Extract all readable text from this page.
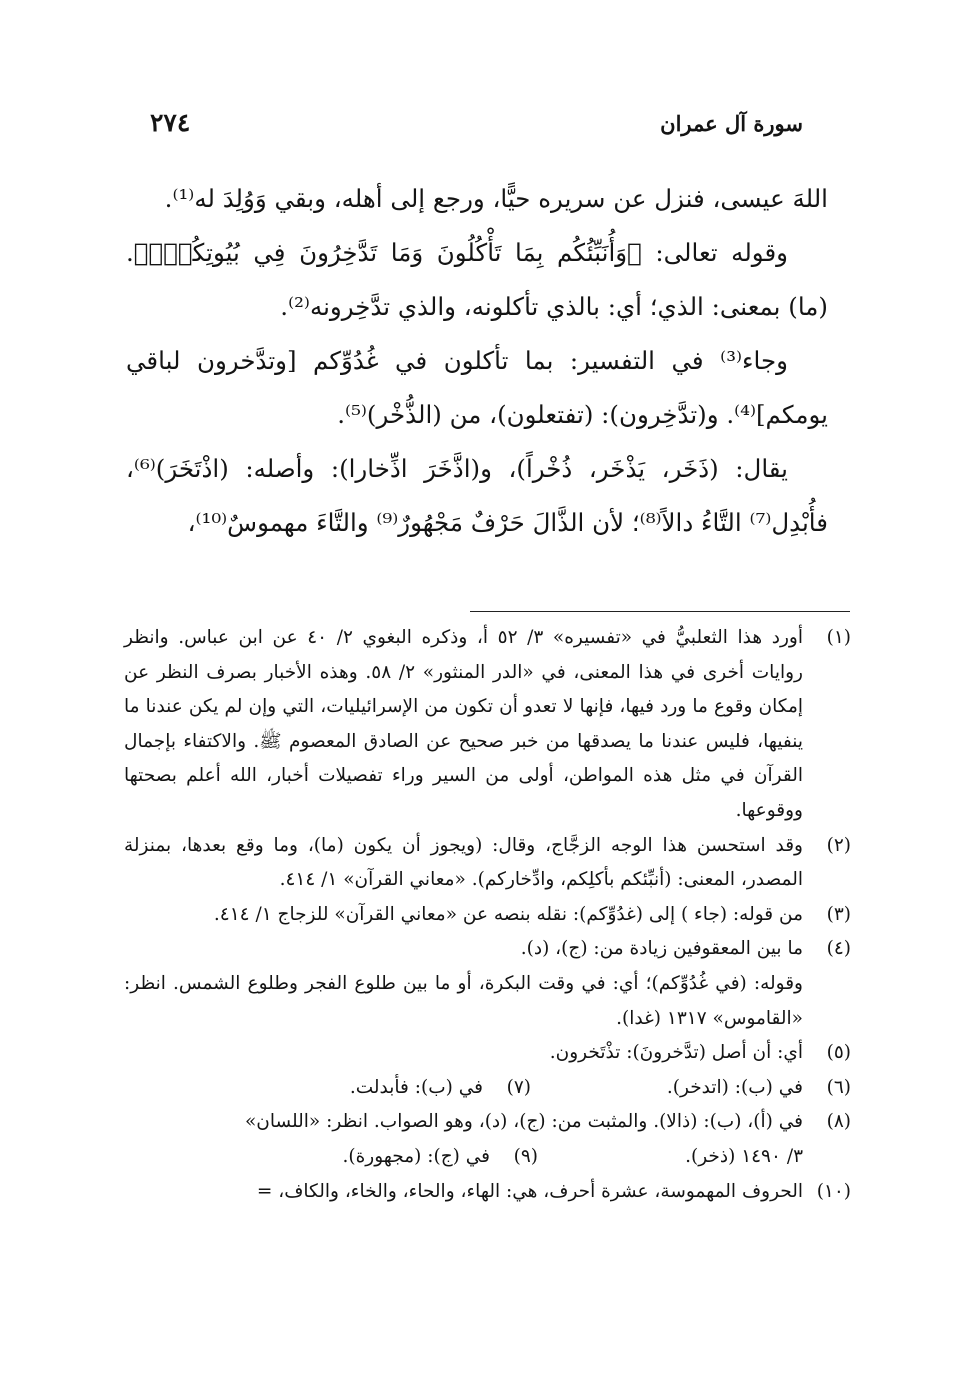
سورة آل عمران
٢٧٤

اللهَ عيسى، فنزل عن سريره حيًّا، ورجع إلى أهله، وبقي وَوُلِدَ له⁽¹⁾.

وقوله تعالى: ﴿وَأُنَبِّئُكُم بِمَا تَأْكُلُونَ وَمَا تَدَّخِرُونَ فِي بُيُوتِكُمْۚ﴾. (ما) بمعنى: الذي؛ أي: بالذي تأكلونه، والذي تدَّخِرونه⁽²⁾.

وجاء⁽³⁾ في التفسير: بما تأكلون في غُدُوِّكم [وتدَّخرون لباقي يومكم]⁽⁴⁾. و(تدَّخِرون): (تفتعلون)، من (الذُّخْر)⁽⁵⁾.

يقال: (ذَخَر، يَذْخَر، ذُخْراً)، و(اذَّخَرَ اذِّخارا): وأصله: (اذْتَخَرَ)⁽⁶⁾، فأُبْدِل⁽⁷⁾ التَّاءُ دالاً⁽⁸⁾؛ لأن الذَّالَ حَرْفٌ مَجْهُورٌ⁽⁹⁾ والتَّاءَ مهموسٌ⁽¹⁰⁾،

(١)
أورد هذا الثعلبيُّ في «تفسيره» ٣/ ٥٢ أ، وذكره البغوي ٢/ ٤٠ عن ابن عباس. وانظر روايات أخرى في هذا المعنى، في «الدر المنثور» ٢/ ٥٨. وهذه الأخبار بصرف النظر عن إمكان وقوع ما ورد فيها، فإنها لا تعدو أن تكون من الإسرائيليات، التي وإن لم يكن عندنا ما ينفيها، فليس عندنا ما يصدقها من خبر صحيح عن الصادق المعصوم ﷺ. والاكتفاء بإجمال القرآن في مثل هذه المواطن، أولى من السير وراء تفصيلات أخبار، الله أعلم بصحتها ووقوعها.
(٢)
وقد استحسن هذا الوجه الزجَّاج، وقال: (ويجوز أن يكون (ما)، وما وقع بعدها، بمنزلة المصدر، المعنى: (أنبِّئكم بأكلِكم، وادِّخاركم). «معاني القرآن» ١/ ٤١٤.
(٣)
من قوله: (جاء ) إلى (غدُوِّكم): نقله بنصه عن «معاني القرآن» للزجاج ١/ ٤١٤.
(٤)
ما بين المعقوفين زيادة من: (ج)، (د).
وقوله: (في غُدُوِّكم)؛ أي: في وقت البكرة، أو ما بين طلوع الفجر وطلوع الشمس. انظر: «القاموس» ١٣١٧ (غدا).
(٥)
أي: أن أصل (تدَّخرونَ): تذْتَخرون.
(٦)
في (ب): (اتدخر).
(٧)
في (ب): فأبدلت.
(٨)
في (أ)، (ب): (ذالا). والمثبت من: (ج)، (د)، وهو الصواب. انظر: «اللسان»
٣/ ١٤٩٠ (ذخر).
(٩)
في (ج): (مجهورة).
(١٠)
الحروف المهموسة، عشرة أحرف، هي: الهاء، والحاء، والخاء، والكاف، =
